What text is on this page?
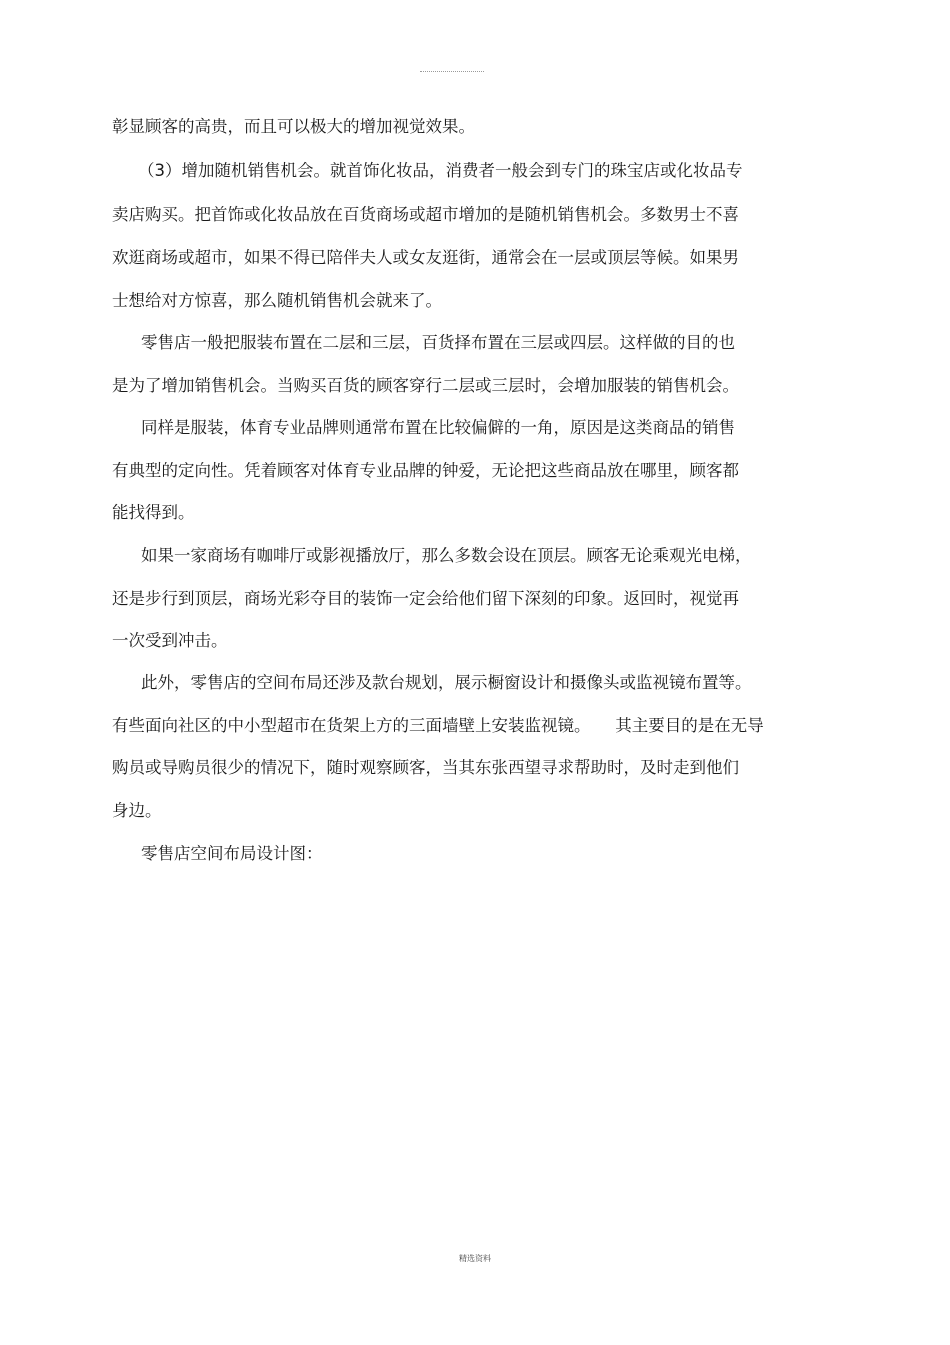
彰显顾客的高贵，而且可以极大的增加视觉效果。
（3）增加随机销售机会。就首饰化妆品，消费者一般会到专门的珠宝店或化妆品专
卖店购买。把首饰或化妆品放在百货商场或超市增加的是随机销售机会。多数男士不喜
欢逛商场或超市，如果不得已陪伴夫人或女友逛街，通常会在一层或顶层等候。如果男
士想给对方惊喜，那么随机销售机会就来了。
零售店一般把服装布置在二层和三层，百货择布置在三层或四层。这样做的目的也
是为了增加销售机会。当购买百货的顾客穿行二层或三层时，会增加服装的销售机会。
同样是服装，体育专业品牌则通常布置在比较偏僻的一角，原因是这类商品的销售
有典型的定向性。凭着顾客对体育专业品牌的钟爱，无论把这些商品放在哪里，顾客都
能找得到。
如果一家商场有咖啡厅或影视播放厅，那么多数会设在顶层。顾客无论乘观光电梯，
还是步行到顶层，商场光彩夺目的装饰一定会给他们留下深刻的印象。返回时，视觉再
一次受到冲击。
此外，零售店的空间布局还涉及款台规划，展示橱窗设计和摄像头或监视镜布置等。
有些面向社区的中小型超市在货架上方的三面墙壁上安装监视镜。　　其主要目的是在无导
购员或导购员很少的情况下，随时观察顾客，当其东张西望寻求帮助时，及时走到他们
身边。
零售店空间布局设计图：
精选资料
